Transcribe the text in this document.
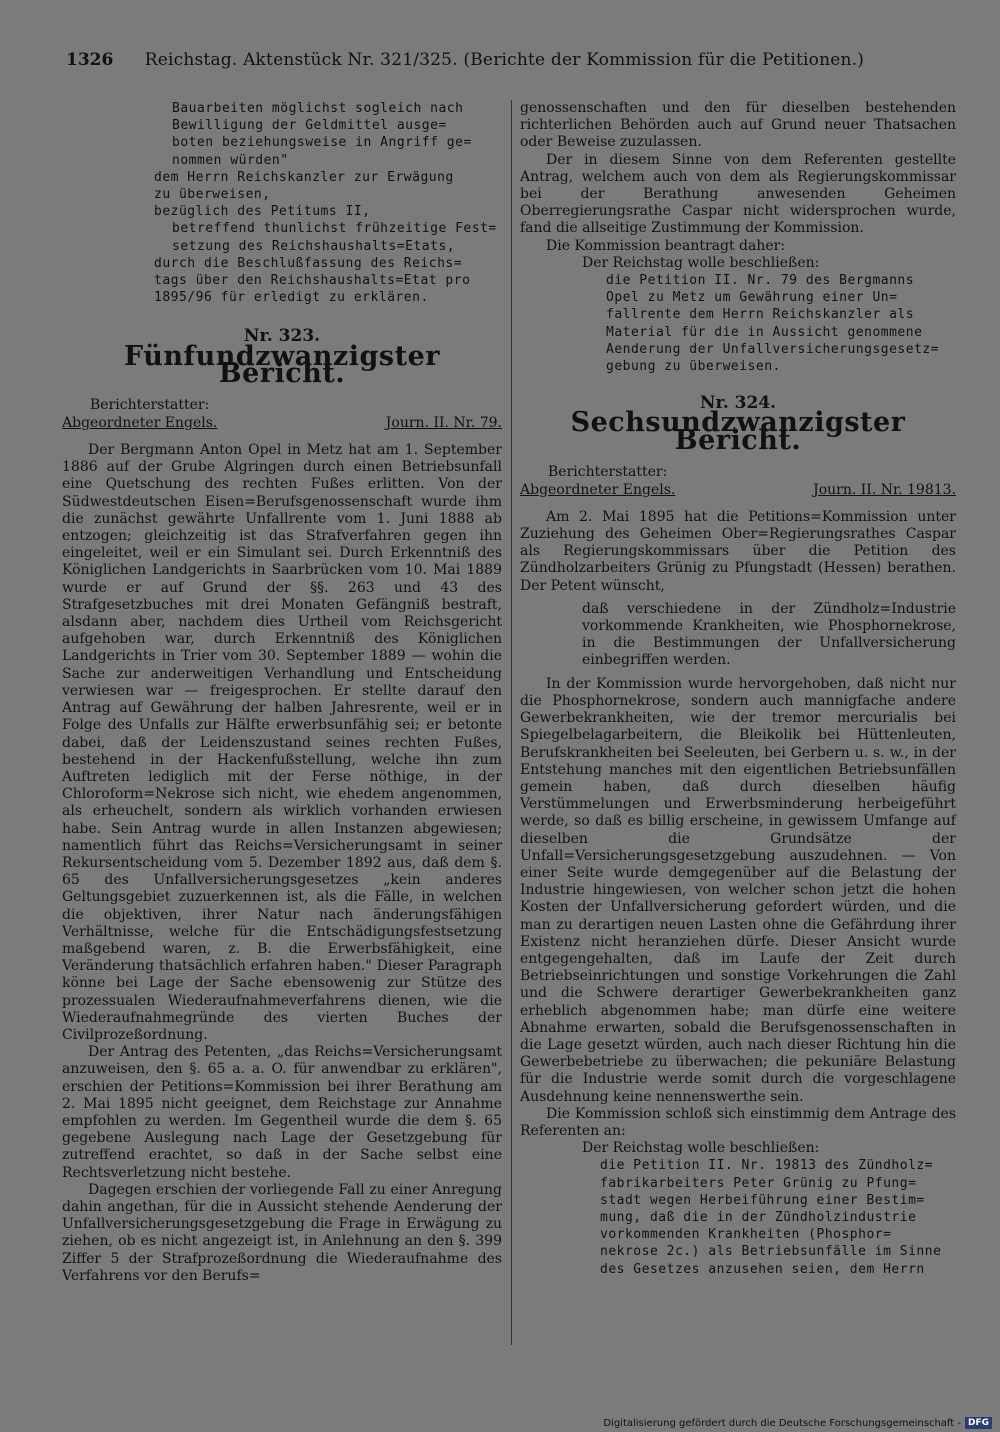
1326 Reichstag. Aktenstück Nr. 321/325. (Berichte der Kommission für die Petitionen.)
Bauarbeiten möglichst sogleich nach
Bewilligung der Geldmittel ausge=
boten beziehungsweise in Angriff ge=
nommen würden"
dem Herrn Reichskanzler zur Erwägung
zu überweisen,
bezüglich des Petitums II,
betreffend thunlichst frühzeitige Fest=
setzung des Reichshaushalts=Etats,
durch die Beschlußfassung des Reichs=
tags über den Reichshaushalts=Etat pro
1895/96 für erledigt zu erklären.
Nr. 323.
Fünfundzwanzigster Bericht.
Berichterstatter:
Abgeordneter Engels.	Journ. II. Nr. 79.

Der Bergmann Anton Opel in Metz hat am 1. September 1886 auf der Grube Algringen durch einen Betriebsunfall eine Quetschung des rechten Fußes erlitten. Von der Südwestdeutschen Eisen=Berufsgenossenschaft wurde ihm die zunächst gewährte Unfallrente vom 1. Juni 1888 ab entzogen; gleichzeitig ist das Strafverfahren gegen ihn eingeleitet, weil er ein Simulant sei. Durch Erkenntniß des Königlichen Landgerichts in Saarbrücken vom 10. Mai 1889 wurde er auf Grund der §§. 263 und 43 des Strafgesetzbuches mit drei Monaten Gefängniß bestraft, alsdann aber, nachdem dies Urtheil vom Reichsgericht aufgehoben war, durch Erkenntniß des Königlichen Landgerichts in Trier vom 30. September 1889 — wohin die Sache zur anderweitigen Verhandlung und Entscheidung verwiesen war — freigesprochen. Er stellte darauf den Antrag auf Gewährung der halben Jahresrente, weil er in Folge des Unfalls zur Hälfte erwerbsunfähig sei; er betonte dabei, daß der Leidenszustand seines rechten Fußes, bestehend in der Hackenfußstellung, welche ihn zum Auftreten lediglich mit der Ferse nöthige, in der Chloroform=Nekrose sich nicht, wie ehedem angenommen, als erheuchelt, sondern als wirklich vorhanden erwiesen habe. Sein Antrag wurde in allen Instanzen abgewiesen; namentlich führt das Reichs=Versicherungsamt in seiner Rekursentscheidung vom 5. Dezember 1892 aus, daß dem §. 65 des Unfallversicherungsgesetzes „kein anderes Geltungsgebiet zuzuerkennen ist, als die Fälle, in welchen die objektiven, ihrer Natur nach änderungsfähigen Verhältnisse, welche für die Entschädigungsfestsetzung maßgebend waren, z. B. die Erwerbsfähigkeit, eine Veränderung thatsächlich erfahren haben." Dieser Paragraph könne bei Lage der Sache ebensowenig zur Stütze des prozessualen Wiederaufnahmeverfahrens dienen, wie die Wiederaufnahmegründe des vierten Buches der Civilprozeßordnung.

Der Antrag des Petenten, „das Reichs=Versicherungsamt anzuweisen, den §. 65 a. a. O. für anwendbar zu erklären", erschien der Petitions=Kommission bei ihrer Berathung am 2. Mai 1895 nicht geeignet, dem Reichstage zur Annahme empfohlen zu werden. Im Gegentheil wurde die dem §. 65 gegebene Auslegung nach Lage der Gesetzgebung für zutreffend erachtet, so daß in der Sache selbst eine Rechtsverletzung nicht bestehe.

Dagegen erschien der vorliegende Fall zu einer Anregung dahin angethan, für die in Aussicht stehende Aenderung der Unfallversicherungsgesetzgebung die Frage in Erwägung zu ziehen, ob es nicht angezeigt ist, in Anlehnung an den §. 399 Ziffer 5 der Strafprozeßordnung die Wiederaufnahme des Verfahrens vor den Berufs=

genossenschaften und den für dieselben bestehenden richterlichen Behörden auch auf Grund neuer Thatsachen oder Beweise zuzulassen.

Der in diesem Sinne von dem Referenten gestellte Antrag, welchem auch von dem als Regierungskommissar bei der Berathung anwesenden Geheimen Oberregierungsrathe Caspar nicht widersprochen wurde, fand die allseitige Zustimmung der Kommission.

Die Kommission beantragt daher:

Der Reichstag wolle beschließen:

die Petition II. Nr. 79 des Bergmanns
Opel zu Metz um Gewährung einer Un=
fallrente dem Herrn Reichskanzler als
Material für die in Aussicht genommene
Aenderung der Unfallversicherungsgesetz=
gebung zu überweisen.
Nr. 324.
Sechsundzwanzigster Bericht.
Berichterstatter:
Abgeordneter Engels.	Journ. II. Nr. 19813.

Am 2. Mai 1895 hat die Petitions=Kommission unter Zuziehung des Geheimen Ober=Regierungsrathes Caspar als Regierungskommissars über die Petition des Zündholzarbeiters Grünig zu Pfungstadt (Hessen) berathen. Der Petent wünscht,

daß verschiedene in der Zündholz=Industrie vorkommende Krankheiten, wie Phosphornekrose, in die Bestimmungen der Unfallversicherung einbegriffen werden.

In der Kommission wurde hervorgehoben, daß nicht nur die Phosphornekrose, sondern auch mannigfache andere Gewerbekrankheiten, wie der tremor mercurialis bei Spiegelbelagarbeitern, die Bleikolik bei Hüttenleuten, Berufskrankheiten bei Seeleuten, bei Gerbern u. s. w., in der Entstehung manches mit den eigentlichen Betriebsunfällen gemein haben, daß durch dieselben häufig Verstümmelungen und Erwerbsminderung herbeigeführt werde, so daß es billig erscheine, in gewissem Umfange auf dieselben die Grundsätze der Unfall=Versicherungsgesetzgebung auszudehnen. — Von einer Seite wurde demgegenüber auf die Belastung der Industrie hingewiesen, von welcher schon jetzt die hohen Kosten der Unfallversicherung gefordert würden, und die man zu derartigen neuen Lasten ohne die Gefährdung ihrer Existenz nicht heranziehen dürfe. Dieser Ansicht wurde entgegengehalten, daß im Laufe der Zeit durch Betriebseinrichtungen und sonstige Vorkehrungen die Zahl und die Schwere derartiger Gewerbekrankheiten ganz erheblich abgenommen habe; man dürfe eine weitere Abnahme erwarten, sobald die Berufsgenossenschaften in die Lage gesetzt würden, auch nach dieser Richtung hin die Gewerbebetriebe zu überwachen; die pekuniäre Belastung für die Industrie werde somit durch die vorgeschlagene Ausdehnung keine nennenswerthe sein.

Die Kommission schloß sich einstimmig dem Antrage des Referenten an:

Der Reichstag wolle beschließen:

die Petition II. Nr. 19813 des Zündholz=
fabrikarbeiters Peter Grünig zu Pfung=
stadt wegen Herbeiführung einer Bestim=
mung, daß die in der Zündholzindustrie
vorkommenden Krankheiten (Phosphor=
nekrose 2c.) als Betriebsunfälle im Sinne
des Gesetzes anzusehen seien, dem Herrn
Digitalisierung gefördert durch die Deutsche Forschungsgemeinschaft - DFG
